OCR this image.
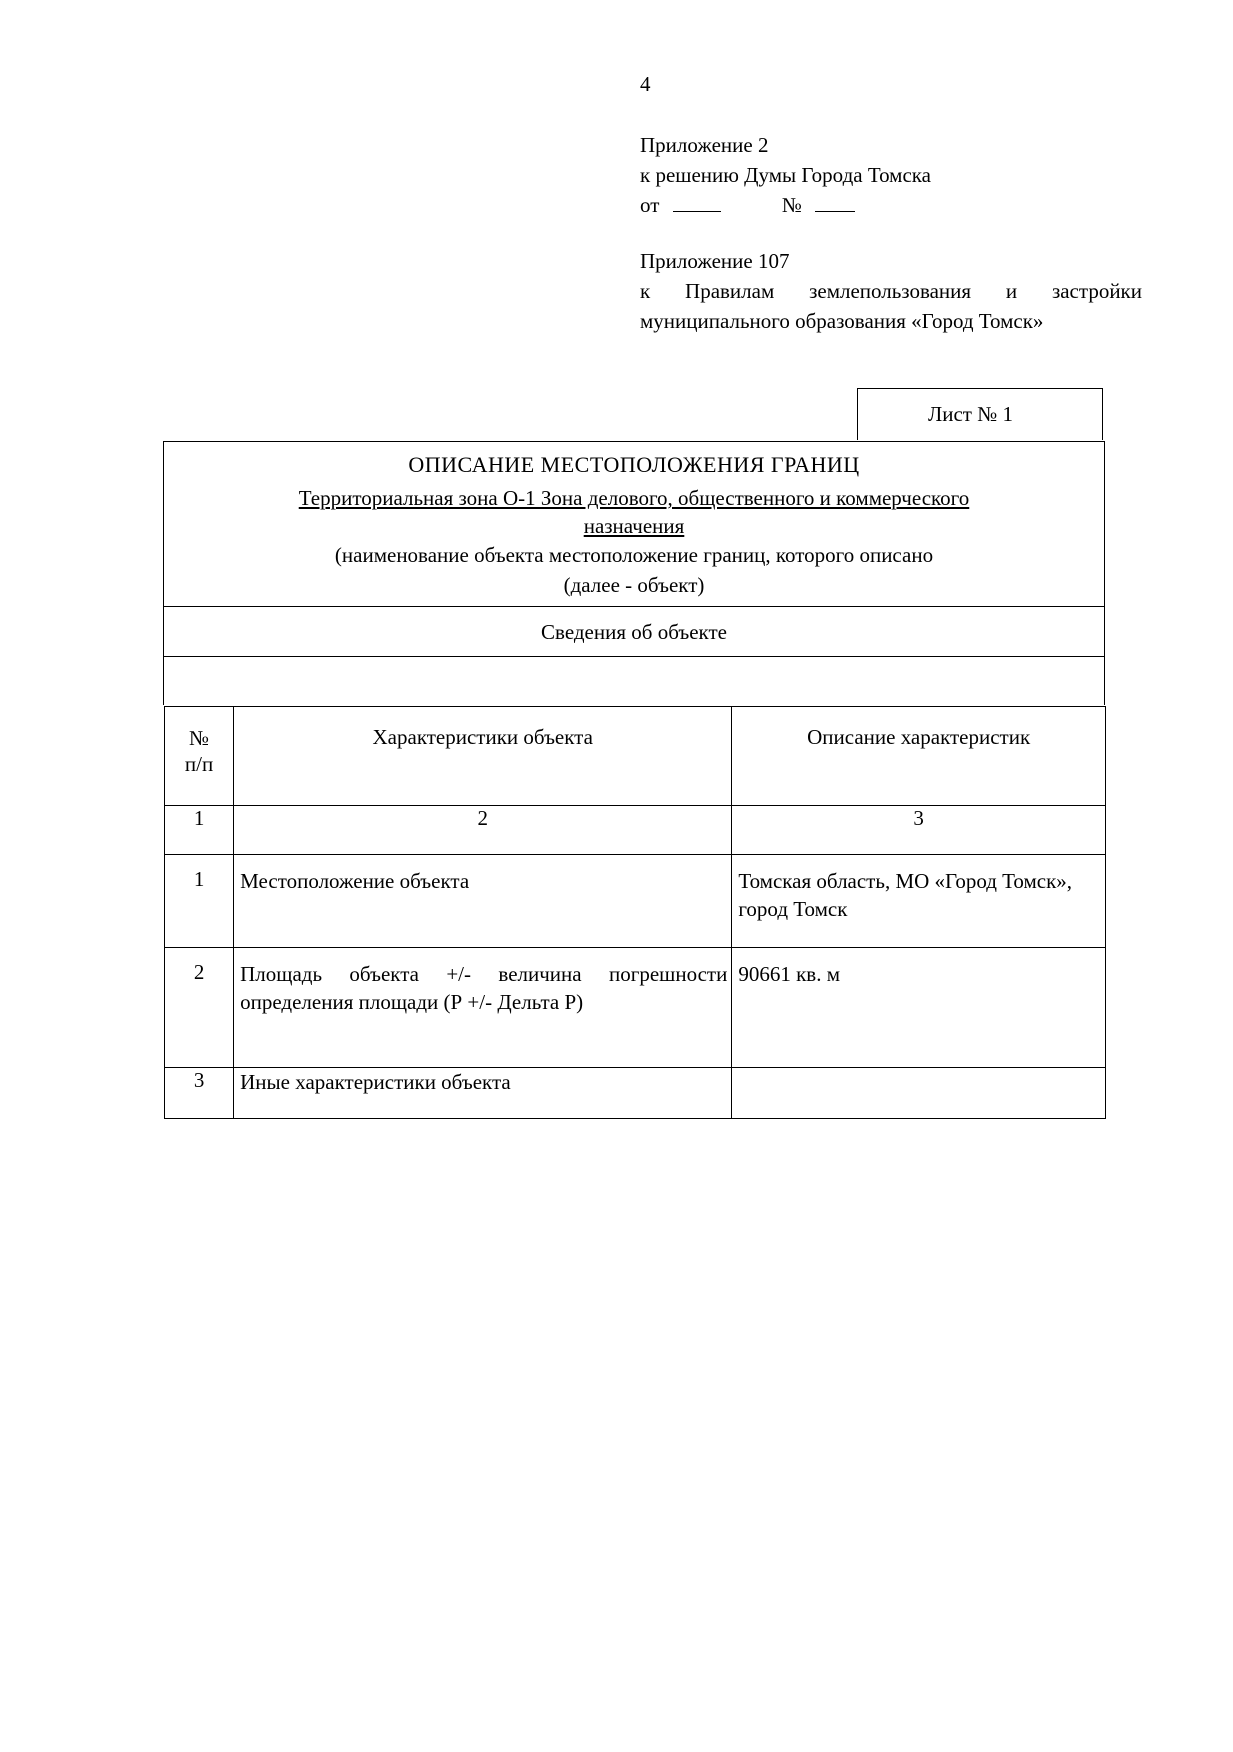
4
Приложение 2
к решению Думы Города Томска
от	№
Приложение 107
к Правилам землепользования и застройки
муниципального образования «Город Томск»
Лист № 1
ОПИСАНИЕ МЕСТОПОЛОЖЕНИЯ ГРАНИЦ
Территориальная зона О-1 Зона делового, общественного и коммерческого
назначения
(наименование объекта местоположение границ, которого описано
(далее - объект)
Сведения об объекте
№
п/п	Характеристики объекта	Описание характеристик
1	2	3
1	Местоположение объекта	Томская область, МО «Город Томск», город Томск
2	Площадь объекта +/- величина погрешности определения площади (Р +/- Дельта Р)	90661 кв. м
3	Иные характеристики объекта	
